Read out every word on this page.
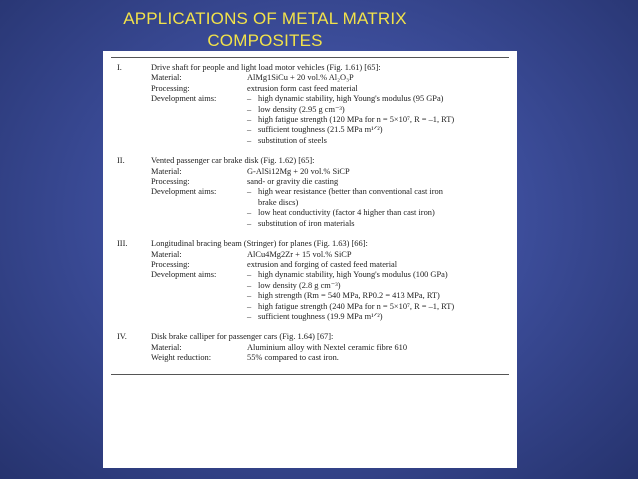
APPLICATIONS OF METAL MATRIX
COMPOSITES
I.	Drive shaft for people and light load motor vehicles (Fig. 1.61) [65]:
Material:	AlMg1SiCu + 20 vol.% Al₂O₃P
Processing:	extrusion form cast feed material
Development aims:	– high dynamic stability, high Young's modulus (95 GPa)
– low density (2.95 g cm⁻³)
– high fatigue strength (120 MPa for n = 5×10⁷, R = –1, RT)
– sufficient toughness (21.5 MPa m¹ᐟ²)
– substitution of steels
II.	Vented passenger car brake disk (Fig. 1.62) [65]:
Material:	G-AlSi12Mg + 20 vol.% SiCP
Processing:	sand- or gravity die casting
Development aims:	– high wear resistance (better than conventional cast iron
brake discs)
– low heat conductivity (factor 4 higher than cast iron)
– substitution of iron materials
III.	Longitudinal bracing beam (Stringer) for planes (Fig. 1.63) [66]:
Material:	AlCu4Mg2Zr + 15 vol.% SiCP
Processing:	extrusion and forging of casted feed material
Development aims:	– high dynamic stability, high Young's modulus (100 GPa)
– low density (2.8 g cm⁻³)
– high strength (Rm = 540 MPa, RP0.2 = 413 MPa, RT)
– high fatigue strength (240 MPa for n = 5×10⁷, R = –1, RT)
– sufficient toughness (19.9 MPa m¹ᐟ²)
IV.	Disk brake calliper for passenger cars (Fig. 1.64) [67]:
Material:	Aluminium alloy with Nextel ceramic fibre 610
Weight reduction:	55% compared to cast iron.
